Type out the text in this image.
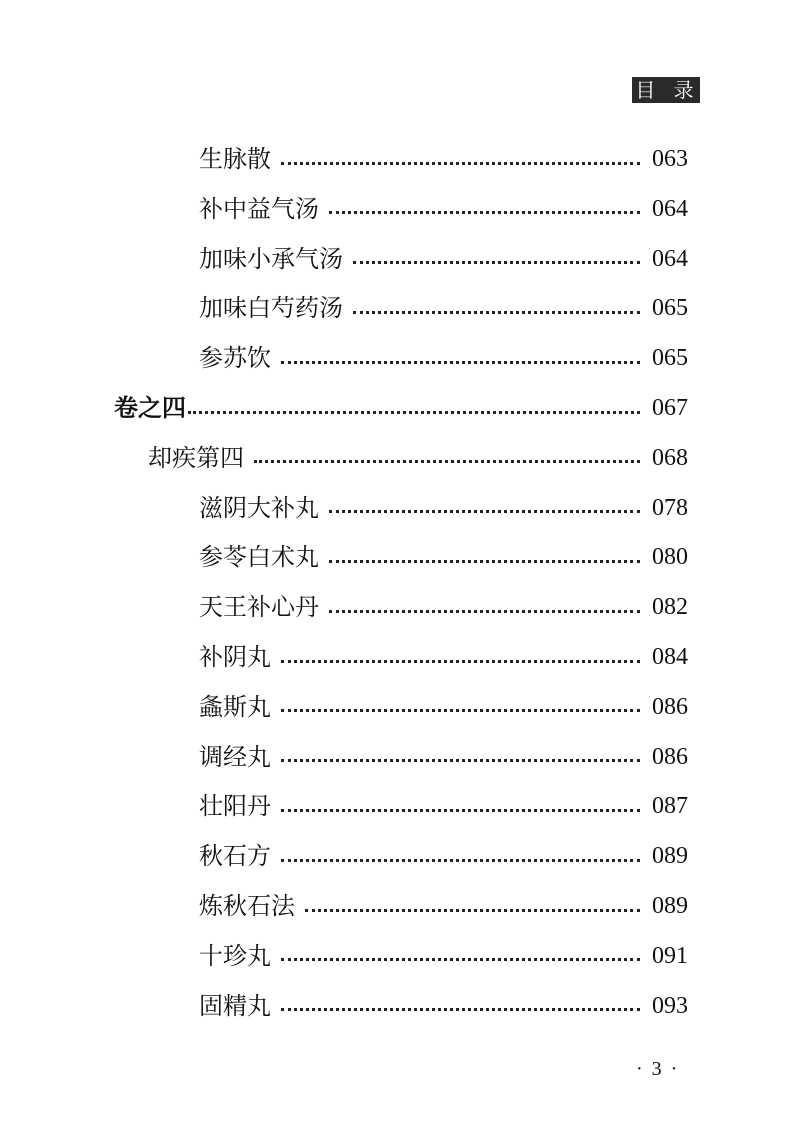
目 录
生脉散	063
补中益气汤	064
加味小承气汤	064
加味白芍药汤	065
参苏饮	065
卷之四	067
却疾第四	068
滋阴大补丸	078
参苓白术丸	080
天王补心丹	082
补阴丸	084
螽斯丸	086
调经丸	086
壮阳丹	087
秋石方	089
炼秋石法	089
十珍丸	091
固精丸	093
· 3 ·
